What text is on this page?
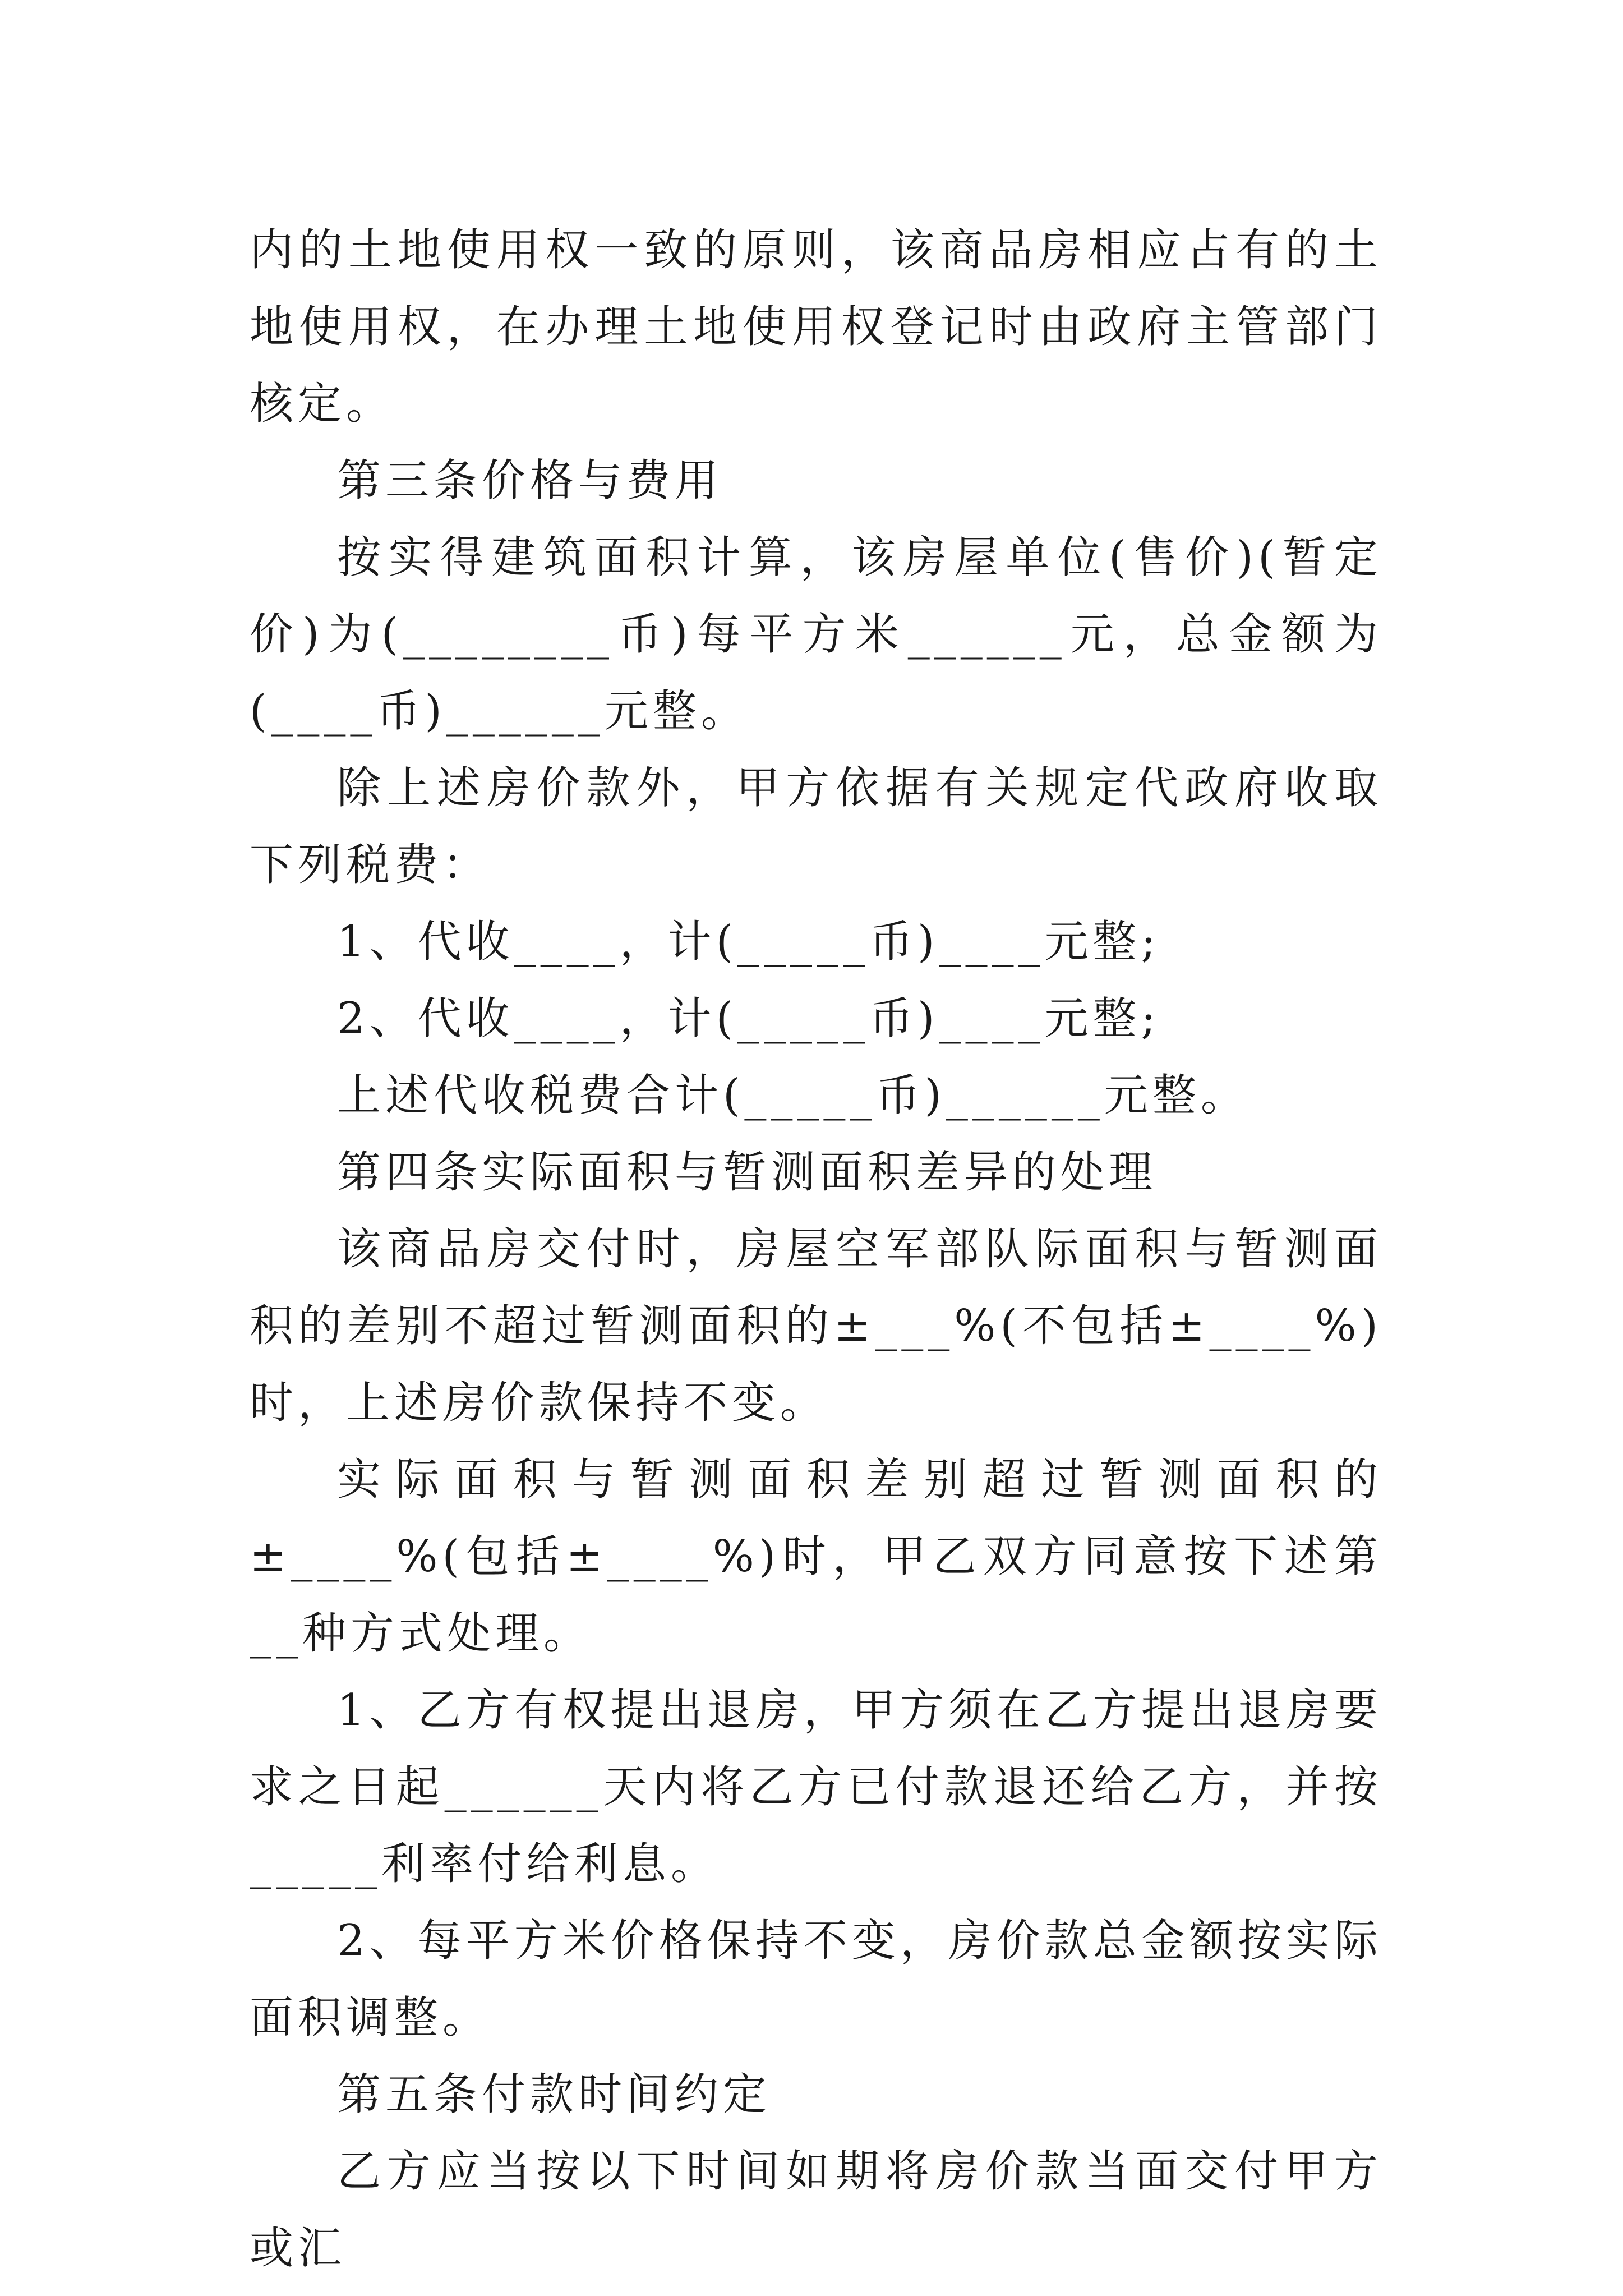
内的土地使用权一致的原则，该商品房相应占有的土地使用权，在办理土地使用权登记时由政府主管部门核定。

第三条价格与费用

按实得建筑面积计算，该房屋单位(售价)(暂定价)为(________币)每平方米______元，总金额为(____币)______元整。

除上述房价款外，甲方依据有关规定代政府收取下列税费：

1、代收____，计(_____币)____元整;

2、代收____，计(_____币)____元整;

上述代收税费合计(_____币)______元整。

第四条实际面积与暂测面积差异的处理

该商品房交付时，房屋空军部队际面积与暂测面积的差别不超过暂测面积的±___%(不包括±____%)时，上述房价款保持不变。

实际面积与暂测面积差别超过暂测面积的±____%(包括±____%)时，甲乙双方同意按下述第__种方式处理。

1、乙方有权提出退房，甲方须在乙方提出退房要求之日起______天内将乙方已付款退还给乙方，并按_____利率付给利息。

2、每平方米价格保持不变，房价款总金额按实际面积调整。

第五条付款时间约定

乙方应当按以下时间如期将房价款当面交付甲方或汇
